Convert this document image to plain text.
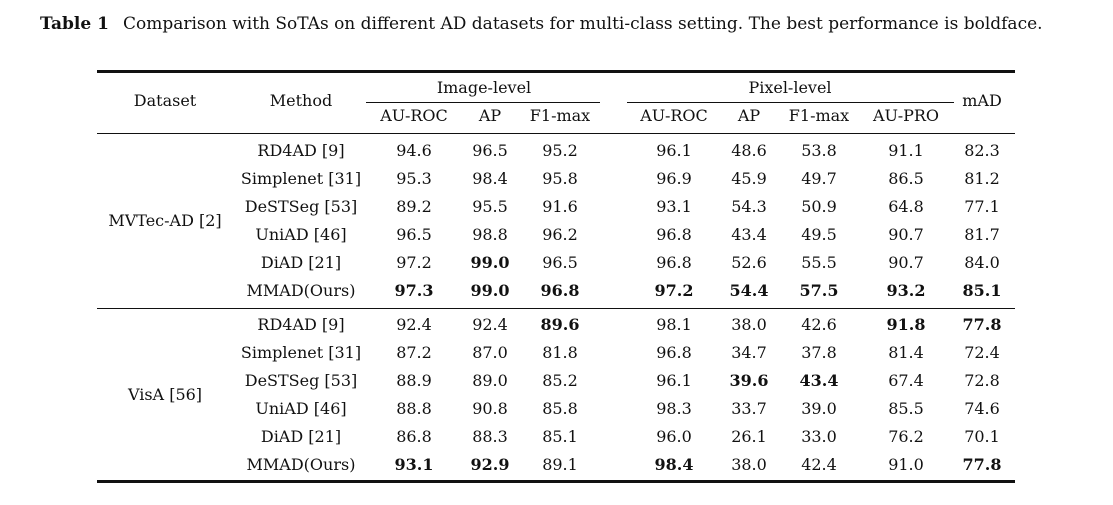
Table 1 Comparison with SoTAs on different AD datasets for multi-class setting. The best performance is boldface.
Dataset	Method
Image-level	Pixel-level
mAD
AU-ROC	AP	F1-max	AU-ROC	AP	F1-max	AU-PRO
MVTec-AD [2]
RD4AD [9]	94.6	96.5	95.2	96.1	48.6	53.8	91.1	82.3
Simplenet [31]	95.3	98.4	95.8	96.9	45.9	49.7	86.5	81.2
DeSTSeg [53]	89.2	95.5	91.6	93.1	54.3	50.9	64.8	77.1
UniAD [46]	96.5	98.8	96.2	96.8	43.4	49.5	90.7	81.7
DiAD [21]	97.2	99.0	96.5	96.8	52.6	55.5	90.7	84.0
MMAD(Ours)	97.3	99.0	96.8	97.2	54.4	57.5	93.2	85.1
VisA [56]
RD4AD [9]	92.4	92.4	89.6	98.1	38.0	42.6	91.8	77.8
Simplenet [31]	87.2	87.0	81.8	96.8	34.7	37.8	81.4	72.4
DeSTSeg [53]	88.9	89.0	85.2	96.1	39.6	43.4	67.4	72.8
UniAD [46]	88.8	90.8	85.8	98.3	33.7	39.0	85.5	74.6
DiAD [21]	86.8	88.3	85.1	96.0	26.1	33.0	76.2	70.1
MMAD(Ours)	93.1	92.9	89.1	98.4	38.0	42.4	91.0	77.8
